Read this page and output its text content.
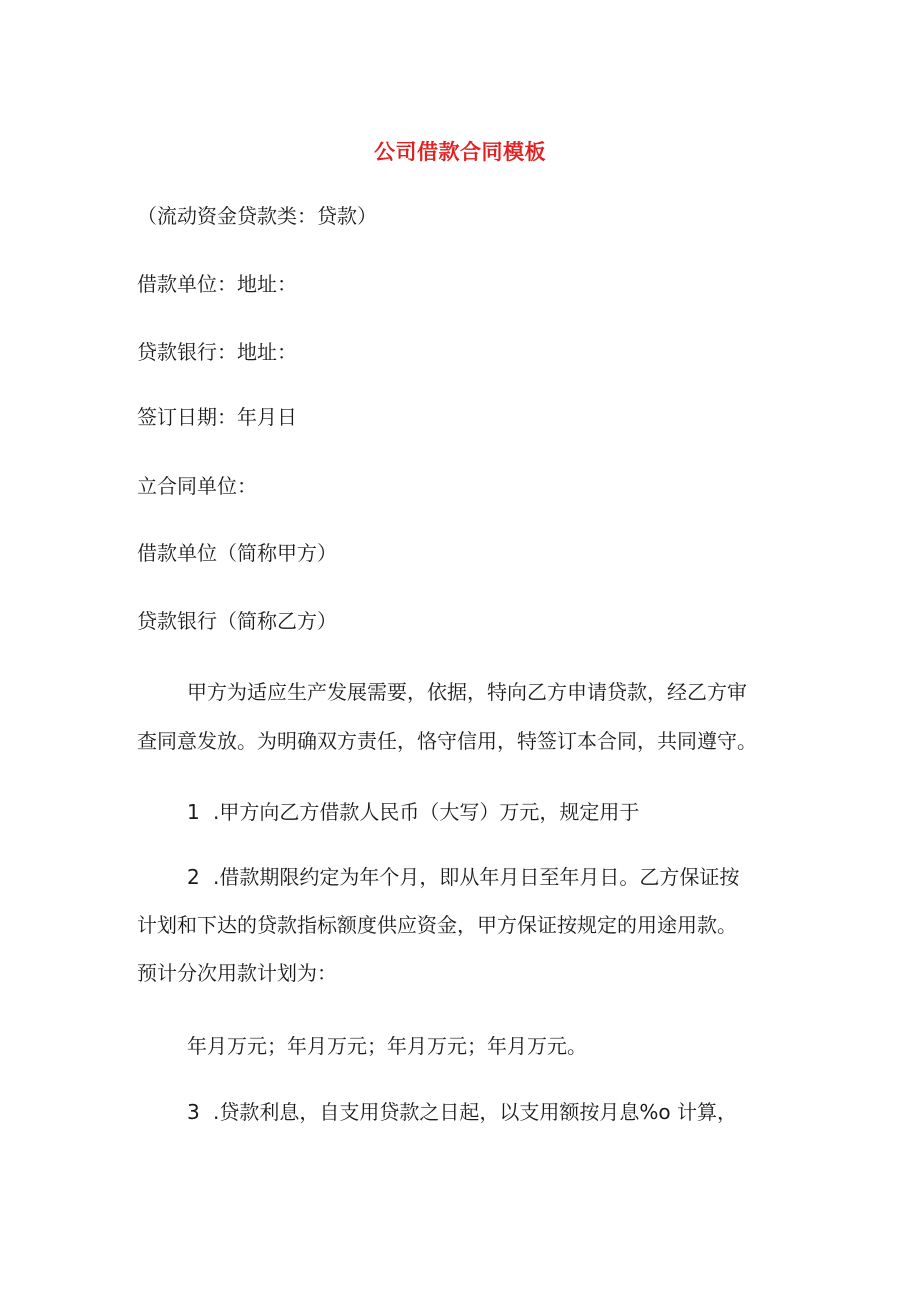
公司借款合同模板

（流动资金贷款类：贷款）

借款单位：地址：

贷款银行：地址：

签订日期：年月日

立合同单位：

借款单位（简称甲方）

贷款银行（简称乙方）

甲方为适应生产发展需要，依据，特向乙方申请贷款，经乙方审

查同意发放。为明确双方责任，恪守信用，特签订本合同，共同遵守。

1 .甲方向乙方借款人民币（大写）万元，规定用于

2 .借款期限约定为年个月，即从年月日至年月日。乙方保证按

计划和下达的贷款指标额度供应资金，甲方保证按规定的用途用款。

预计分次用款计划为：

年月万元；年月万元；年月万元；年月万元。

3 .贷款利息，自支用贷款之日起，以支用额按月息%o 计算，
